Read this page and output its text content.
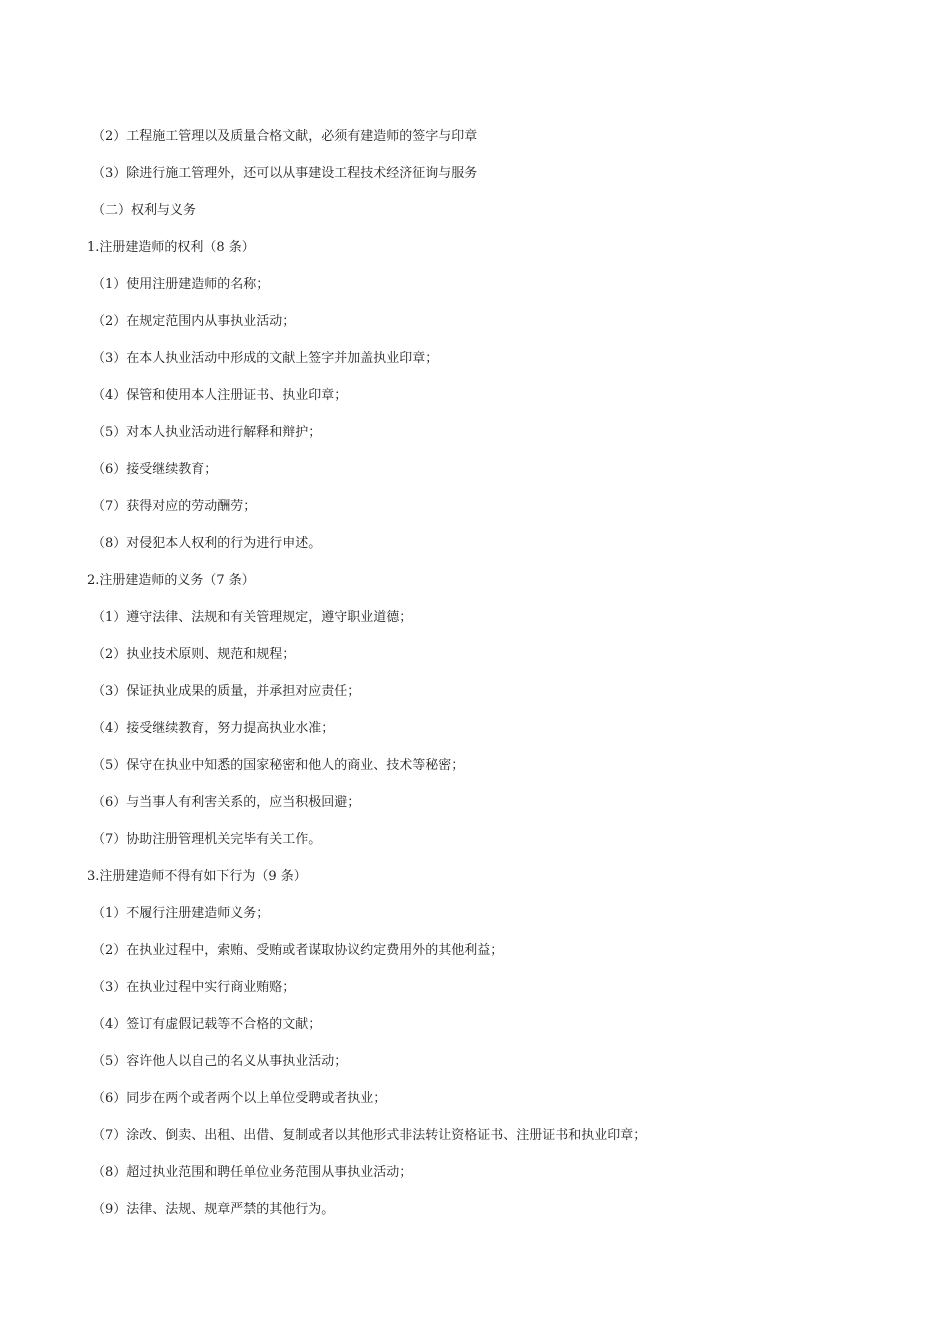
（2）工程施工管理以及质量合格文献，必须有建造师的签字与印章
（3）除进行施工管理外，还可以从事建设工程技术经济征询与服务
（二）权利与义务
1.注册建造师的权利（8 条）
（1）使用注册建造师的名称；
（2）在规定范围内从事执业活动；
（3）在本人执业活动中形成的文献上签字并加盖执业印章；
（4）保管和使用本人注册证书、执业印章；
（5）对本人执业活动进行解释和辩护；
（6）接受继续教育；
（7）获得对应的劳动酬劳；
（8）对侵犯本人权利的行为进行申述。
2.注册建造师的义务（7 条）
（1）遵守法律、法规和有关管理规定，遵守职业道德；
（2）执业技术原则、规范和规程；
（3）保证执业成果的质量，并承担对应责任；
（4）接受继续教育，努力提高执业水准；
（5）保守在执业中知悉的国家秘密和他人的商业、技术等秘密；
（6）与当事人有利害关系的，应当积极回避；
（7）协助注册管理机关完毕有关工作。
3.注册建造师不得有如下行为（9 条）
（1）不履行注册建造师义务；
（2）在执业过程中，索贿、受贿或者谋取协议约定费用外的其他利益；
（3）在执业过程中实行商业贿赂；
（4）签订有虚假记载等不合格的文献；
（5）容许他人以自己的名义从事执业活动；
（6）同步在两个或者两个以上单位受聘或者执业；
（7）涂改、倒卖、出租、出借、复制或者以其他形式非法转让资格证书、注册证书和执业印章；
（8）超过执业范围和聘任单位业务范围从事执业活动；
（9）法律、法规、规章严禁的其他行为。
